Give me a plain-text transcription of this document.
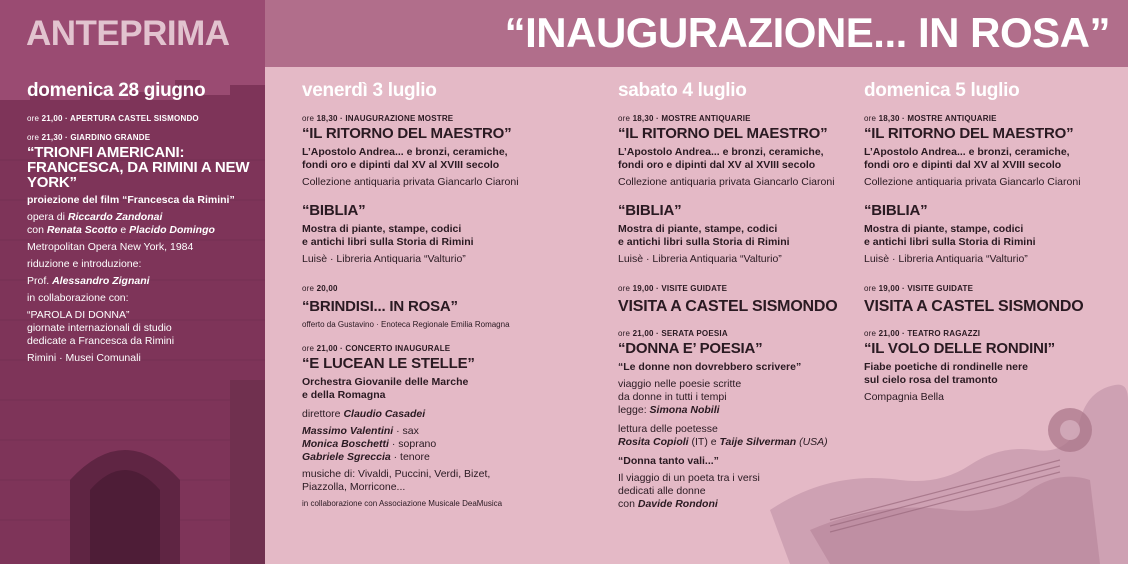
ANTEPRIMA
domenica 28 giugno
ore 21,00 · APERTURA CASTEL SISMONDO
ore 21,30 · GIARDINO GRANDE
“TRIONFI AMERICANI: FRANCESCA, DA RIMINI A NEW YORK”
proiezione del film “Francesca da Rimini”
opera di Riccardo Zandonai
con Renata Scotto e Placido Domingo
Metropolitan Opera New York, 1984
riduzione e introduzione:
Prof. Alessandro Zignani
in collaborazione con:
“PAROLA DI DONNA”
giornate internazionali di studio
dedicate a Francesca da Rimini
Rimini · Musei Comunali
“INAUGURAZIONE... IN ROSA”
venerdì 3 luglio
ore 18,30 · INAUGURAZIONE MOSTRE
“IL RITORNO DEL MAESTRO”
L’Apostolo Andrea... e bronzi, ceramiche,
fondi oro e dipinti dal XV al XVIII secolo
Collezione antiquaria privata Giancarlo Ciaroni
“BIBLIA”
Mostra di piante, stampe, codici
e antichi libri sulla Storia di Rimini
Luisè · Libreria Antiquaria “Valturio”
ore 20,00
“BRINDISI... IN ROSA”
offerto da Gustavino · Enoteca Regionale Emilia Romagna
ore 21,00 · CONCERTO INAUGURALE
“E LUCEAN LE STELLE”
Orchestra Giovanile delle Marche
e della Romagna
direttore Claudio Casadei
Massimo Valentini · sax
Monica Boschetti · soprano
Gabriele Sgreccia · tenore
musiche di: Vivaldi, Puccini, Verdi, Bizet,
Piazzolla, Morricone...
in collaborazione con Associazione Musicale DeaMusica
sabato 4 luglio
ore 18,30 · MOSTRE ANTIQUARIE
“IL RITORNO DEL MAESTRO”
L’Apostolo Andrea... e bronzi, ceramiche,
fondi oro e dipinti dal XV al XVIII secolo
Collezione antiquaria privata Giancarlo Ciaroni
“BIBLIA”
Mostra di piante, stampe, codici
e antichi libri sulla Storia di Rimini
Luisè · Libreria Antiquaria “Valturio”
ore 19,00 · VISITE GUIDATE
VISITA A CASTEL SISMONDO
ore 21,00 · SERATA POESIA
“DONNA E’ POESIA”
“Le donne non dovrebbero scrivere”
viaggio nelle poesie scritte
da donne in tutti i tempi
legge: Simona Nobili
lettura delle poetesse
Rosita Copioli (IT) e Taije Silverman (USA)
“Donna tanto vali...”
Il viaggio di un poeta tra i versi
dedicati alle donne
con Davide Rondoni
domenica 5 luglio
ore 18,30 · MOSTRE ANTIQUARIE
“IL RITORNO DEL MAESTRO”
L’Apostolo Andrea... e bronzi, ceramiche,
fondi oro e dipinti dal XV al XVIII secolo
Collezione antiquaria privata Giancarlo Ciaroni
“BIBLIA”
Mostra di piante, stampe, codici
e antichi libri sulla Storia di Rimini
Luisè · Libreria Antiquaria “Valturio”
ore 19,00 · VISITE GUIDATE
VISITA A CASTEL SISMONDO
ore 21,00 · TEATRO RAGAZZI
“IL VOLO DELLE RONDINI”
Fiabe poetiche di rondinelle nere
sul cielo rosa del tramonto
Compagnia Bella
